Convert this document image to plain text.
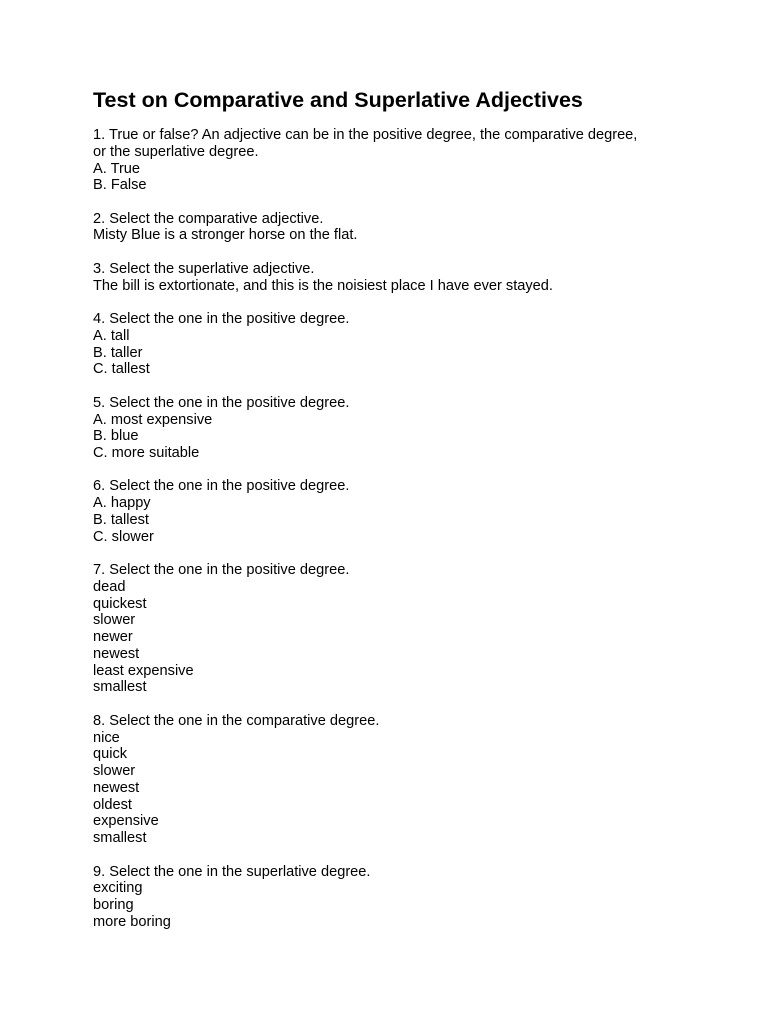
Test on Comparative and Superlative Adjectives
1. True or false? An adjective can be in the positive degree, the comparative degree,
or the superlative degree.
A. True
B. False
2. Select the comparative adjective.
Misty Blue is a stronger horse on the flat.
3. Select the superlative adjective.
The bill is extortionate, and this is the noisiest place I have ever stayed.
4. Select the one in the positive degree.
A. tall
B. taller
C. tallest
5. Select the one in the positive degree.
A. most expensive
B. blue
C. more suitable
6. Select the one in the positive degree.
A. happy
B. tallest
C. slower
7. Select the one in the positive degree.
dead
quickest
slower
newer
newest
least expensive
smallest
8. Select the one in the comparative degree.
nice
quick
slower
newest
oldest
expensive
smallest
9. Select the one in the superlative degree.
exciting
boring
more boring
